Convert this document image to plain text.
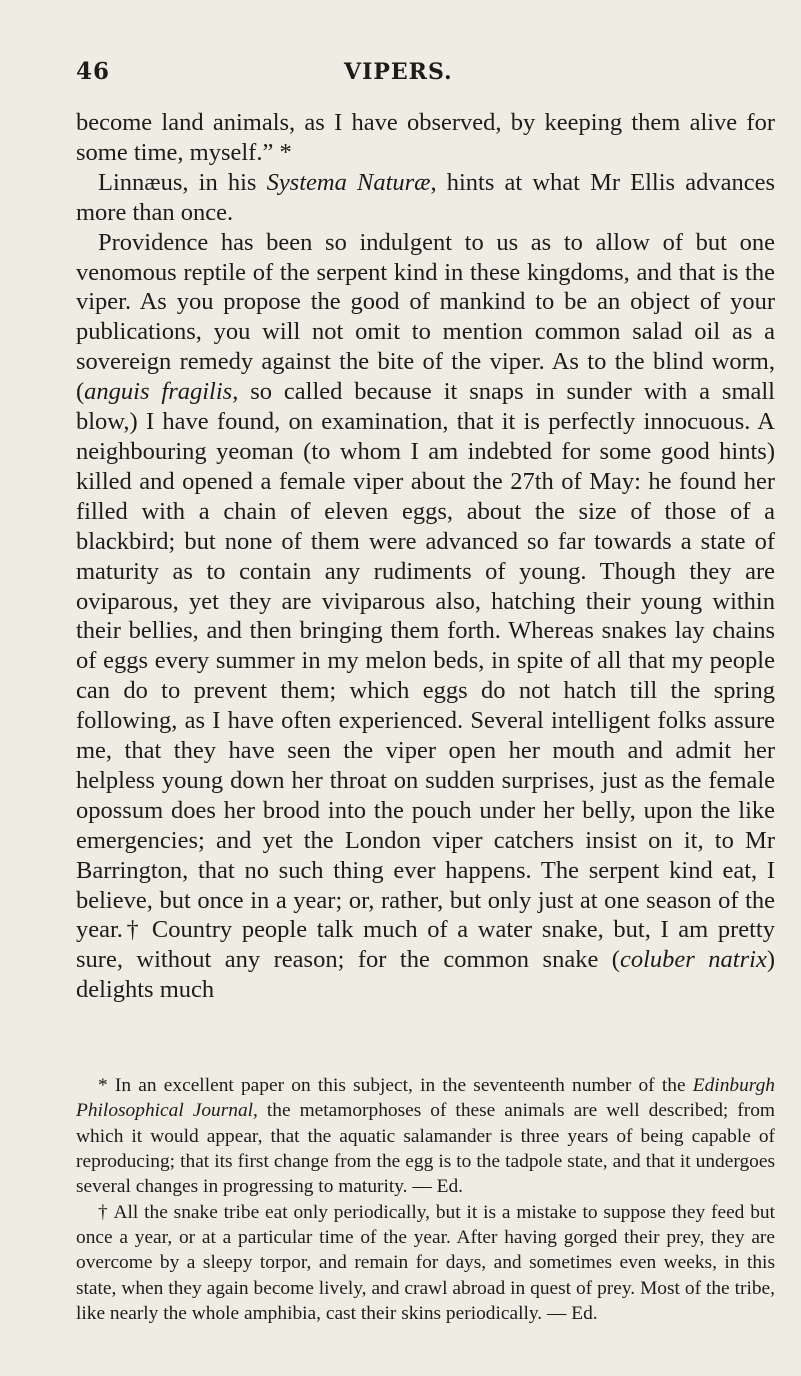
46	VIPERS.

become land animals, as I have observed, by keeping them alive for some time, myself.” *

Linnæus, in his Systema Naturæ, hints at what Mr Ellis advances more than once.

Providence has been so indulgent to us as to allow of but one venomous reptile of the serpent kind in these kingdoms, and that is the viper. As you propose the good of mankind to be an object of your publications, you will not omit to mention common salad oil as a sovereign remedy against the bite of the viper. As to the blind worm, (anguis fragilis, so called because it snaps in sunder with a small blow,) I have found, on examination, that it is perfectly innocuous. A neighbouring yeoman (to whom I am indebted for some good hints) killed and opened a female viper about the 27th of May: he found her filled with a chain of eleven eggs, about the size of those of a blackbird; but none of them were advanced so far towards a state of maturity as to contain any rudiments of young. Though they are oviparous, yet they are viviparous also, hatching their young within their bellies, and then bringing them forth. Whereas snakes lay chains of eggs every summer in my melon beds, in spite of all that my people can do to prevent them; which eggs do not hatch till the spring following, as I have often experienced. Several intelligent folks assure me, that they have seen the viper open her mouth and admit her helpless young down her throat on sudden surprises, just as the female opossum does her brood into the pouch under her belly, upon the like emergencies; and yet the London viper catchers insist on it, to Mr Barrington, that no such thing ever happens. The serpent kind eat, I believe, but once in a year; or, rather, but only just at one season of the year.† Country people talk much of a water snake, but, I am pretty sure, without any reason; for the common snake (coluber natrix) delights much

* In an excellent paper on this subject, in the seventeenth number of the Edinburgh Philosophical Journal, the metamorphoses of these animals are well described; from which it would appear, that the aquatic salamander is three years of being capable of reproducing; that its first change from the egg is to the tadpole state, and that it undergoes several changes in progressing to maturity. — Ed.

† All the snake tribe eat only periodically, but it is a mistake to suppose they feed but once a year, or at a particular time of the year. After having gorged their prey, they are overcome by a sleepy torpor, and remain for days, and sometimes even weeks, in this state, when they again become lively, and crawl abroad in quest of prey. Most of the tribe, like nearly the whole amphibia, cast their skins periodically. — Ed.
